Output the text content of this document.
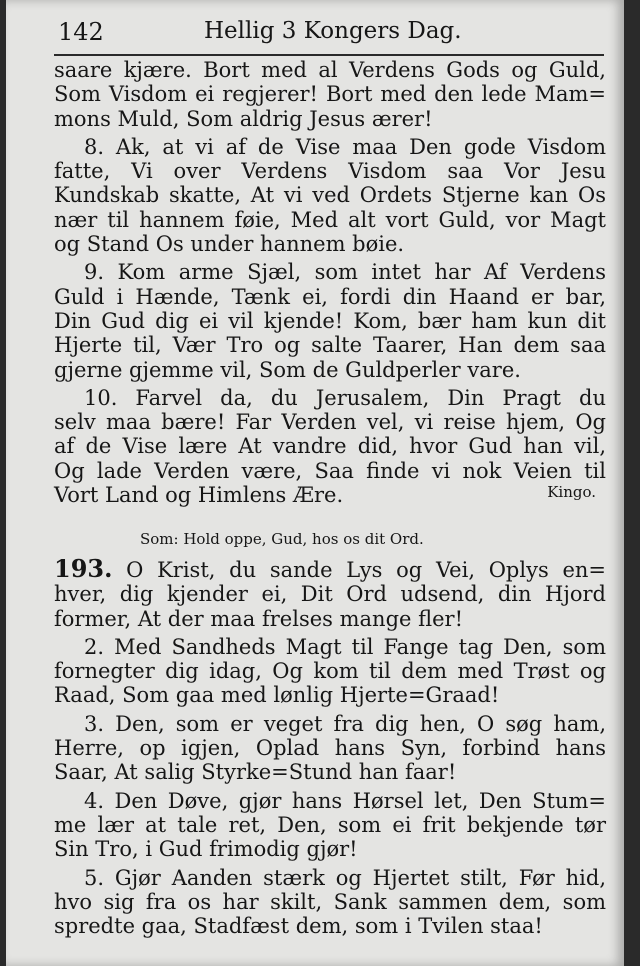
142	Hellig 3 Kongers Dag.
saare kjære. Bort med al Verdens Gods og Guld,
Som Visdom ei regjerer! Bort med den lede Mam=
mons Muld, Som aldrig Jesus ærer!
8. Ak, at vi af de Vise maa Den gode Visdom
fatte, Vi over Verdens Visdom saa Vor Jesu
Kundskab skatte, At vi ved Ordets Stjerne kan Os
nær til hannem føie, Med alt vort Guld, vor Magt
og Stand Os under hannem bøie.
9. Kom arme Sjæl, som intet har Af Verdens
Guld i Hænde, Tænk ei, fordi din Haand er bar,
Din Gud dig ei vil kjende! Kom, bær ham kun dit
Hjerte til, Vær Tro og salte Taarer, Han dem saa
gjerne gjemme vil, Som de Guldperler vare.
10. Farvel da, du Jerusalem, Din Pragt du
selv maa bære! Far Verden vel, vi reise hjem, Og
af de Vise lære At vandre did, hvor Gud han vil,
Og lade Verden være, Saa finde vi nok Veien til
Vort Land og Himlens Ære.	Kingo.
Som: Hold oppe, Gud, hos os dit Ord.
193. O Krist, du sande Lys og Vei, Oplys en=
hver, dig kjender ei, Dit Ord udsend, din Hjord
former, At der maa frelses mange fler!
2. Med Sandheds Magt til Fange tag Den, som
fornegter dig idag, Og kom til dem med Trøst og
Raad, Som gaa med lønlig Hjerte=Graad!
3. Den, som er veget fra dig hen, O søg ham,
Herre, op igjen, Oplad hans Syn, forbind hans
Saar, At salig Styrke=Stund han faar!
4. Den Døve, gjør hans Hørsel let, Den Stum=
me lær at tale ret, Den, som ei frit bekjende tør
Sin Tro, i Gud frimodig gjør!
5. Gjør Aanden stærk og Hjertet stilt, Før hid,
hvo sig fra os har skilt, Sank sammen dem, som
spredte gaa, Stadfæst dem, som i Tvilen staa!
